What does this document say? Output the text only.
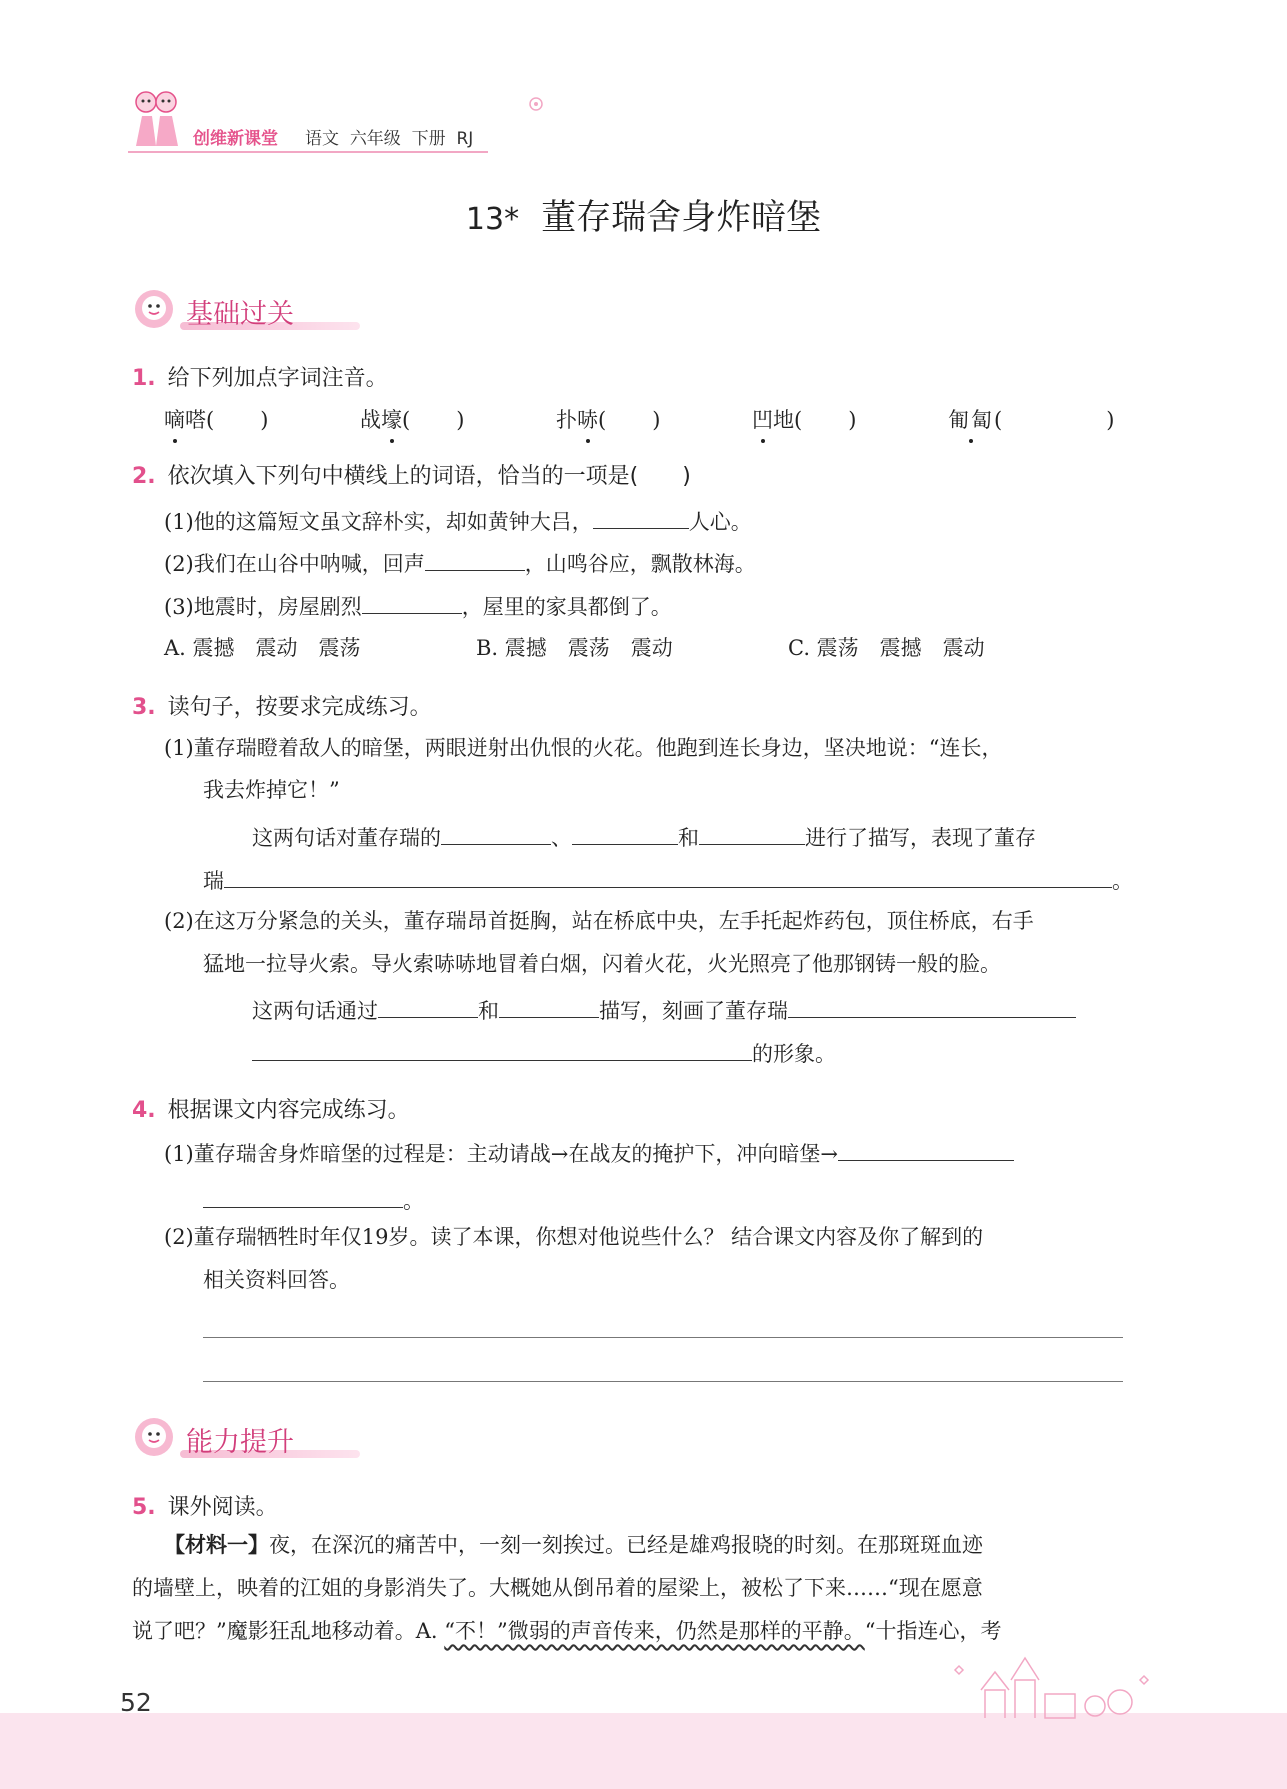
创维新课堂 语文 六年级 下册 RJ
13* 董存瑞舍身炸暗堡
基础过关
1. 给下列加点字词注音。
嘀嗒( )	战壕( )	扑哧( )	凹地( )	匍匐(	)
2. 依次填入下列句中横线上的词语，恰当的一项是(　　)
(1)他的这篇短文虽文辞朴实，却如黄钟大吕，	人心。
(2)我们在山谷中呐喊，回声	，山鸣谷应，飘散林海。
(3)地震时，房屋剧烈	，屋里的家具都倒了。
A. 震撼　震动　震荡	B. 震撼　震荡　震动	C. 震荡　震撼　震动
3. 读句子，按要求完成练习。
(1)董存瑞瞪着敌人的暗堡，两眼迸射出仇恨的火花。他跑到连长身边，坚决地说：“连长，
我去炸掉它！”
这两句话对董存瑞的	、	和	进行了描写，表现了董存
瑞	。
(2)在这万分紧急的关头，董存瑞昂首挺胸，站在桥底中央，左手托起炸药包，顶住桥底，右手
猛地一拉导火索。导火索哧哧地冒着白烟，闪着火花，火光照亮了他那钢铸一般的脸。
这两句话通过	和	描写，刻画了董存瑞
的形象。
4. 根据课文内容完成练习。
(1)董存瑞舍身炸暗堡的过程是：主动请战→在战友的掩护下，冲向暗堡→
。
(2)董存瑞牺牲时年仅19岁。读了本课，你想对他说些什么？ 结合课文内容及你了解到的
相关资料回答。
能力提升
5. 课外阅读。
【材料一】夜，在深沉的痛苦中，一刻一刻挨过。已经是雄鸡报晓的时刻。在那斑斑血迹
的墙壁上，映着的江姐的身影消失了。大概她从倒吊着的屋梁上，被松了下来……“现在愿意
说了吧？”魔影狂乱地移动着。A. “不！”微弱的声音传来，仍然是那样的平静。“十指连心，考
52
